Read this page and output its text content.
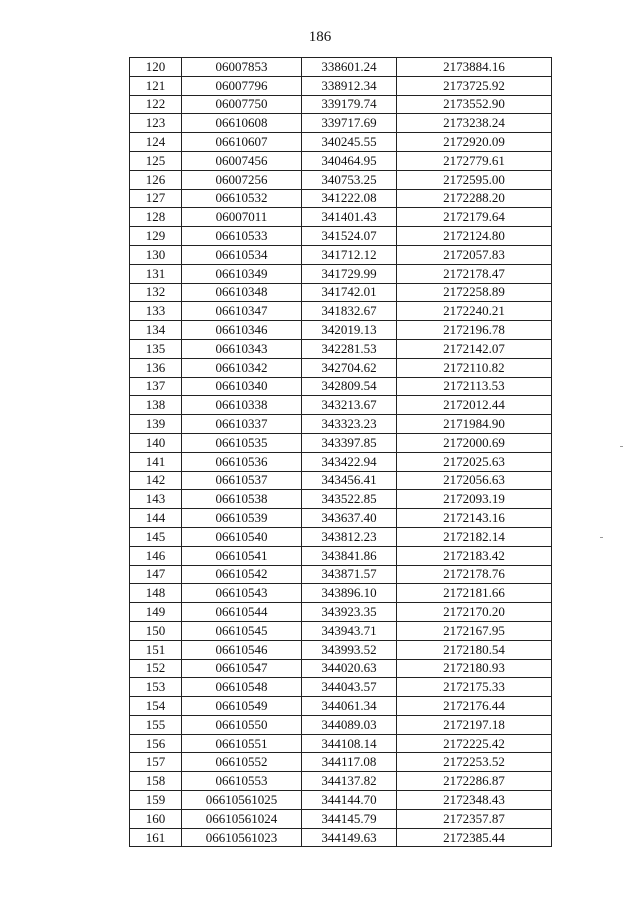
186
120	06007853	338601.24	2173884.16
121	06007796	338912.34	2173725.92
122	06007750	339179.74	2173552.90
123	06610608	339717.69	2173238.24
124	06610607	340245.55	2172920.09
125	06007456	340464.95	2172779.61
126	06007256	340753.25	2172595.00
127	06610532	341222.08	2172288.20
128	06007011	341401.43	2172179.64
129	06610533	341524.07	2172124.80
130	06610534	341712.12	2172057.83
131	06610349	341729.99	2172178.47
132	06610348	341742.01	2172258.89
133	06610347	341832.67	2172240.21
134	06610346	342019.13	2172196.78
135	06610343	342281.53	2172142.07
136	06610342	342704.62	2172110.82
137	06610340	342809.54	2172113.53
138	06610338	343213.67	2172012.44
139	06610337	343323.23	2171984.90
140	06610535	343397.85	2172000.69
141	06610536	343422.94	2172025.63
142	06610537	343456.41	2172056.63
143	06610538	343522.85	2172093.19
144	06610539	343637.40	2172143.16
145	06610540	343812.23	2172182.14
146	06610541	343841.86	2172183.42
147	06610542	343871.57	2172178.76
148	06610543	343896.10	2172181.66
149	06610544	343923.35	2172170.20
150	06610545	343943.71	2172167.95
151	06610546	343993.52	2172180.54
152	06610547	344020.63	2172180.93
153	06610548	344043.57	2172175.33
154	06610549	344061.34	2172176.44
155	06610550	344089.03	2172197.18
156	06610551	344108.14	2172225.42
157	06610552	344117.08	2172253.52
158	06610553	344137.82	2172286.87
159	06610561025	344144.70	2172348.43
160	06610561024	344145.79	2172357.87
161	06610561023	344149.63	2172385.44
